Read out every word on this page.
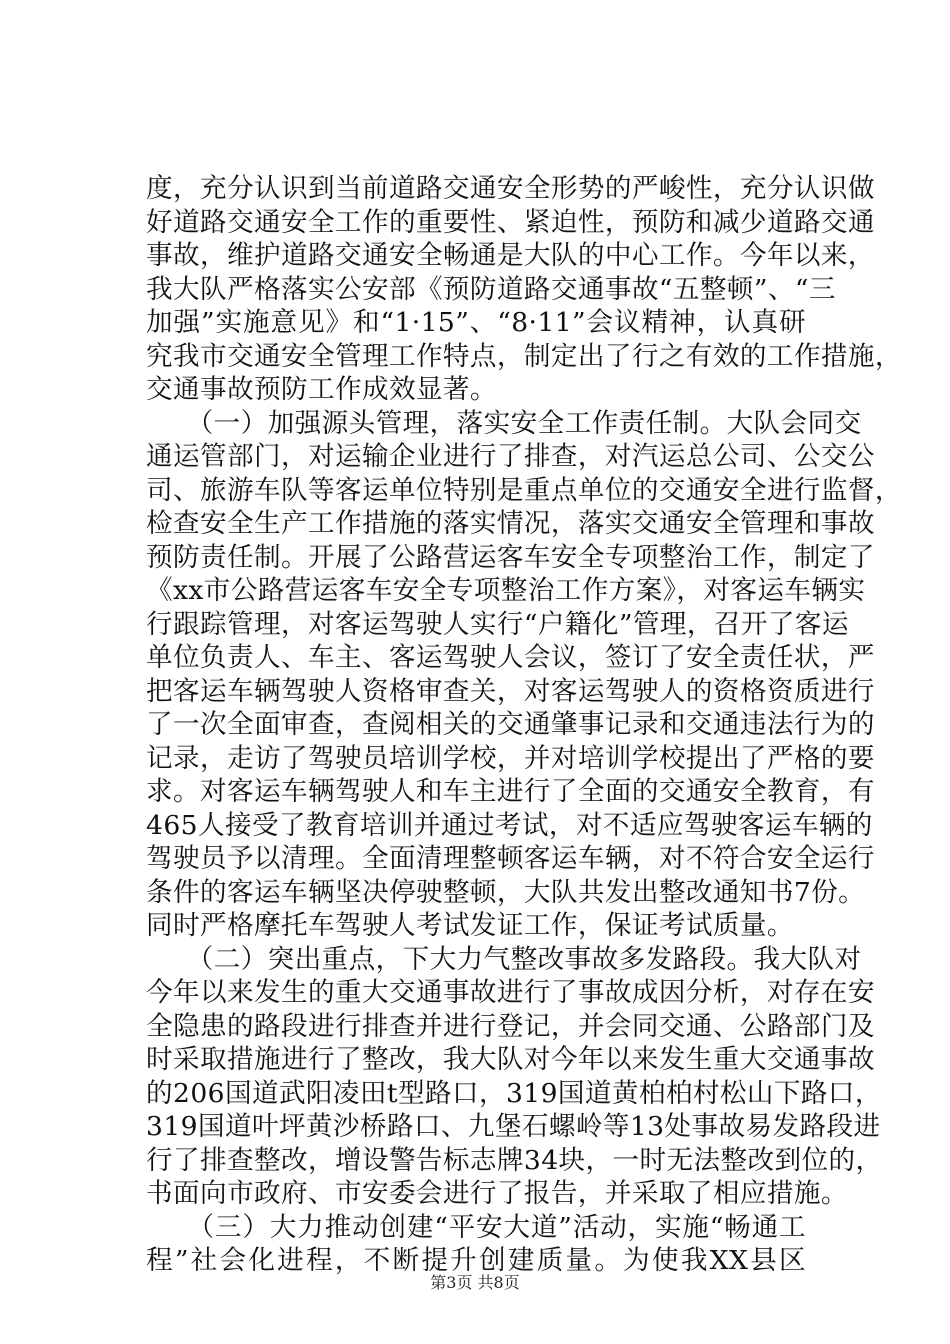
度，充分认识到当前道路交通安全形势的严峻性，充分认识做
好道路交通安全工作的重要性、紧迫性，预防和减少道路交通
事故，维护道路交通安全畅通是大队的中心工作。今年以来，
我大队严格落实公安部《预防道路交通事故“五整顿”、“三
加强”实施意见》和“1·15”、“8·11”会议精神，认真研
究我市交通安全管理工作特点，制定出了行之有效的工作措施，
交通事故预防工作成效显著。
　　（一）加强源头管理，落实安全工作责任制。大队会同交
通运管部门，对运输企业进行了排查，对汽运总公司、公交公
司、旅游车队等客运单位特别是重点单位的交通安全进行监督，
检查安全生产工作措施的落实情况，落实交通安全管理和事故
预防责任制。开展了公路营运客车安全专项整治工作，制定了
《xx市公路营运客车安全专项整治工作方案》，对客运车辆实
行跟踪管理，对客运驾驶人实行“户籍化”管理，召开了客运
单位负责人、车主、客运驾驶人会议，签订了安全责任状，严
把客运车辆驾驶人资格审查关，对客运驾驶人的资格资质进行
了一次全面审查，查阅相关的交通肇事记录和交通违法行为的
记录，走访了驾驶员培训学校，并对培训学校提出了严格的要
求。对客运车辆驾驶人和车主进行了全面的交通安全教育，有
465人接受了教育培训并通过考试，对不适应驾驶客运车辆的
驾驶员予以清理。全面清理整顿客运车辆，对不符合安全运行
条件的客运车辆坚决停驶整顿，大队共发出整改通知书7份。
同时严格摩托车驾驶人考试发证工作，保证考试质量。
　　（二）突出重点，下大力气整改事故多发路段。我大队对
今年以来发生的重大交通事故进行了事故成因分析，对存在安
全隐患的路段进行排查并进行登记，并会同交通、公路部门及
时采取措施进行了整改，我大队对今年以来发生重大交通事故
的206国道武阳凌田t型路口，319国道黄柏柏村松山下路口，
319国道叶坪黄沙桥路口、九堡石螺岭等13处事故易发路段进
行了排查整改，增设警告标志牌34块，一时无法整改到位的，
书面向市政府、市安委会进行了报告，并采取了相应措施。
　　（三）大力推动创建“平安大道”活动，实施“畅通工
程”社会化进程，不断提升创建质量。为使我XX县区
第3页 共8页
